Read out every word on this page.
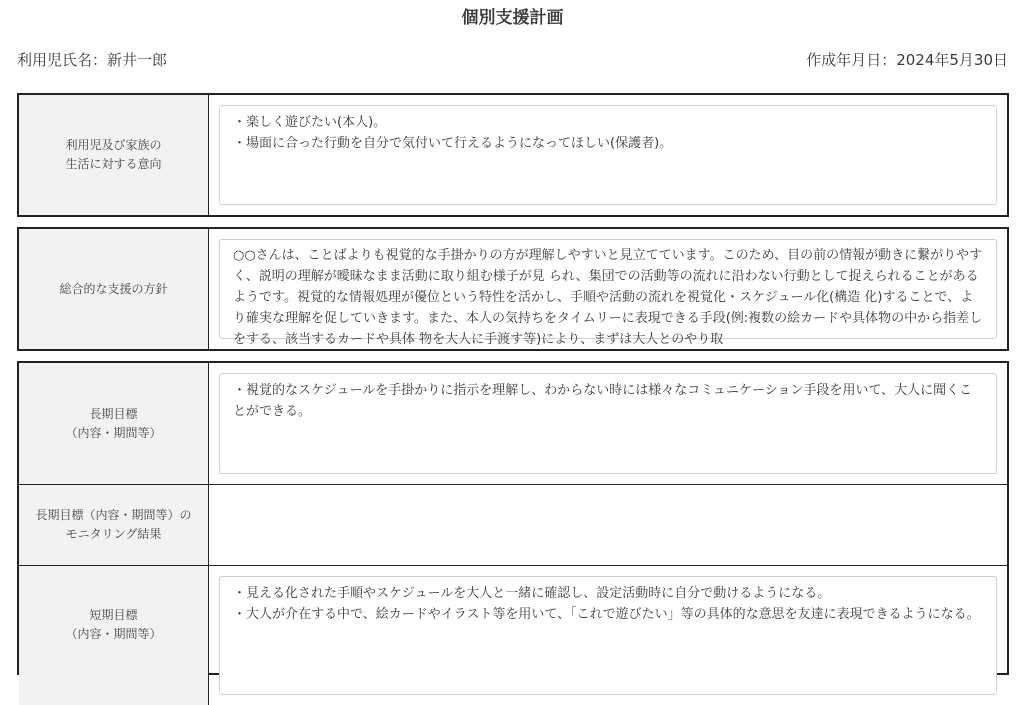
個別支援計画
利用児氏名：新井一郎	作成年月日：2024年5月30日
利用児及び家族の
生活に対する意向
・楽しく遊びたい(本人)。
・場面に合った行動を自分で気付いて行えるようになってほしい(保護者)。
総合的な支援の方針
○○さんは、ことばよりも視覚的な手掛かりの方が理解しやすいと見立てています。このため、目の前の情報が動きに繋がりやすく、説明の理解が曖昧なまま活動に取り組む様子が見 られ、集団での活動等の流れに沿わない行動として捉えられることがあるようです。視覚的な情報処理が優位という特性を活かし、手順や活動の流れを視覚化・スケジュール化(構造 化)することで、より確実な理解を促していきます。また、本人の気持ちをタイムリーに表現できる手段(例:複数の絵カードや具体物の中から指差しをする、該当するカードや具体 物を大人に手渡す等)により、まずは大人とのやり取
長期目標
（内容・期間等）
・視覚的なスケジュールを手掛かりに指示を理解し、わからない時には様々なコミュニケーション手段を用いて、大人に聞くことができる。
長期目標（内容・期間等）の
モニタリング結果
短期目標
（内容・期間等）
・見える化された手順やスケジュールを大人と一緒に確認し、設定活動時に自分で動けるようになる。
・大人が介在する中で、絵カードやイラスト等を用いて、「これで遊びたい」等の具体的な意思を友達に表現できるようになる。
